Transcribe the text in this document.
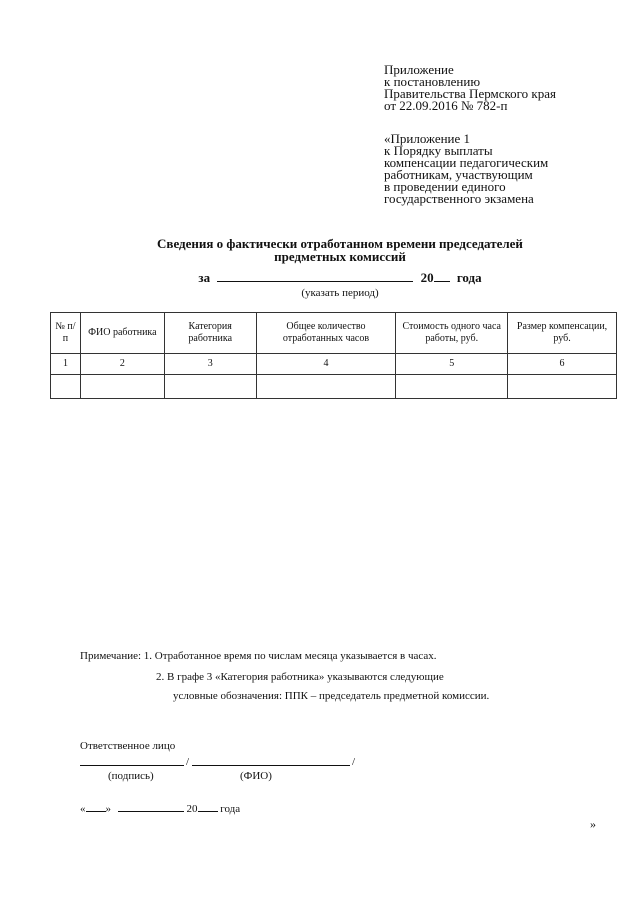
Приложение
к постановлению
Правительства Пермского края
от 22.09.2016 № 782-п
«Приложение 1
к Порядку выплаты
компенсации педагогическим
работникам, участвующим
в проведении единого
государственного экзамена
Сведения о фактически отработанном времени председателей
предметных комиссий
за	20 года
(указать период)
№ п/п	ФИО работника	Категория работника	Общее количество отработанных часов	Стоимость одного часа работы, руб.	Размер компенсации, руб.
1	2	3	4	5	6

Примечание: 1. Отработанное время по числам месяца указывается в часах.
2. В графе 3 «Категория работника» указываются следующие
условные обозначения: ППК – председатель предметной комиссии.
Ответственное лицо
/	/
(подпись)	(ФИО)
« »	20 года
»
